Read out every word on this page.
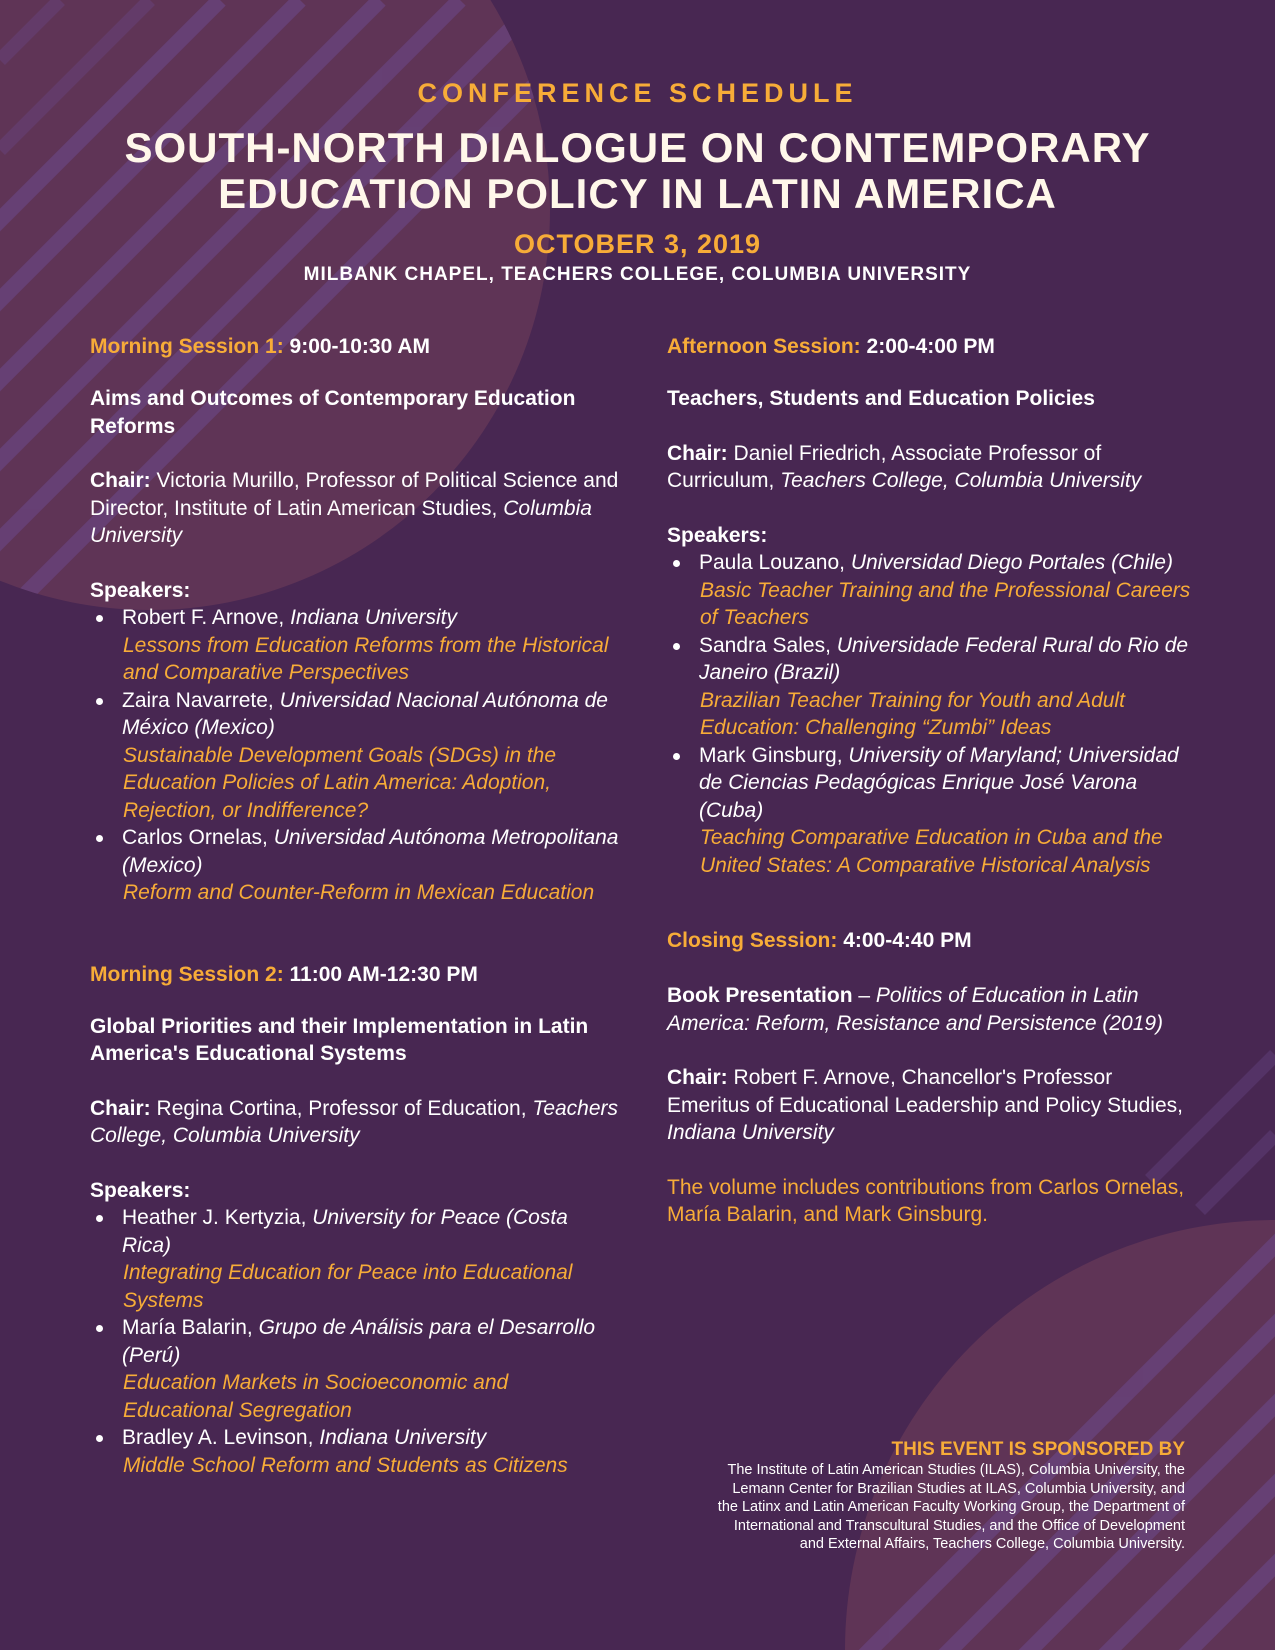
CONFERENCE SCHEDULE
SOUTH-NORTH DIALOGUE ON CONTEMPORARY
EDUCATION POLICY IN LATIN AMERICA
OCTOBER 3, 2019
MILBANK CHAPEL, TEACHERS COLLEGE, COLUMBIA UNIVERSITY
Morning Session 1: 9:00-10:30 AM
Aims and Outcomes of Contemporary Education Reforms
Chair: Victoria Murillo, Professor of Political Science and Director, Institute of Latin American Studies, Columbia University
Speakers:
Robert F. Arnove, Indiana University
Lessons from Education Reforms from the Historical and Comparative Perspectives
Zaira Navarrete, Universidad Nacional Autónoma de México (Mexico)
Sustainable Development Goals (SDGs) in the Education Policies of Latin America: Adoption, Rejection, or Indifference?
Carlos Ornelas, Universidad Autónoma Metropolitana (Mexico)
Reform and Counter-Reform in Mexican Education
Morning Session 2: 11:00 AM-12:30 PM
Global Priorities and their Implementation in Latin America's Educational Systems
Chair: Regina Cortina, Professor of Education, Teachers College, Columbia University
Speakers:
Heather J. Kertyzia, University for Peace (Costa Rica)
Integrating Education for Peace into Educational Systems
María Balarin, Grupo de Análisis para el Desarrollo (Perú)
Education Markets in Socioeconomic and Educational Segregation
Bradley A. Levinson, Indiana University
Middle School Reform and Students as Citizens
Afternoon Session: 2:00-4:00 PM
Teachers, Students and Education Policies
Chair: Daniel Friedrich, Associate Professor of Curriculum, Teachers College, Columbia University
Speakers:
Paula Louzano, Universidad Diego Portales (Chile)
Basic Teacher Training and the Professional Careers of Teachers
Sandra Sales, Universidade Federal Rural do Rio de Janeiro (Brazil)
Brazilian Teacher Training for Youth and Adult Education: Challenging “Zumbi” Ideas
Mark Ginsburg, University of Maryland; Universidad de Ciencias Pedagógicas Enrique José Varona (Cuba)
Teaching Comparative Education in Cuba and the United States: A Comparative Historical Analysis
Closing Session: 4:00-4:40 PM
Book Presentation – Politics of Education in Latin America: Reform, Resistance and Persistence (2019)
Chair: Robert F. Arnove, Chancellor's Professor Emeritus of Educational Leadership and Policy Studies, Indiana University
The volume includes contributions from Carlos Ornelas, María Balarin, and Mark Ginsburg.
THIS EVENT IS SPONSORED BY
The Institute of Latin American Studies (ILAS), Columbia University, the Lemann Center for Brazilian Studies at ILAS, Columbia University, and the Latinx and Latin American Faculty Working Group, the Department of International and Transcultural Studies, and the Office of Development and External Affairs, Teachers College, Columbia University.
